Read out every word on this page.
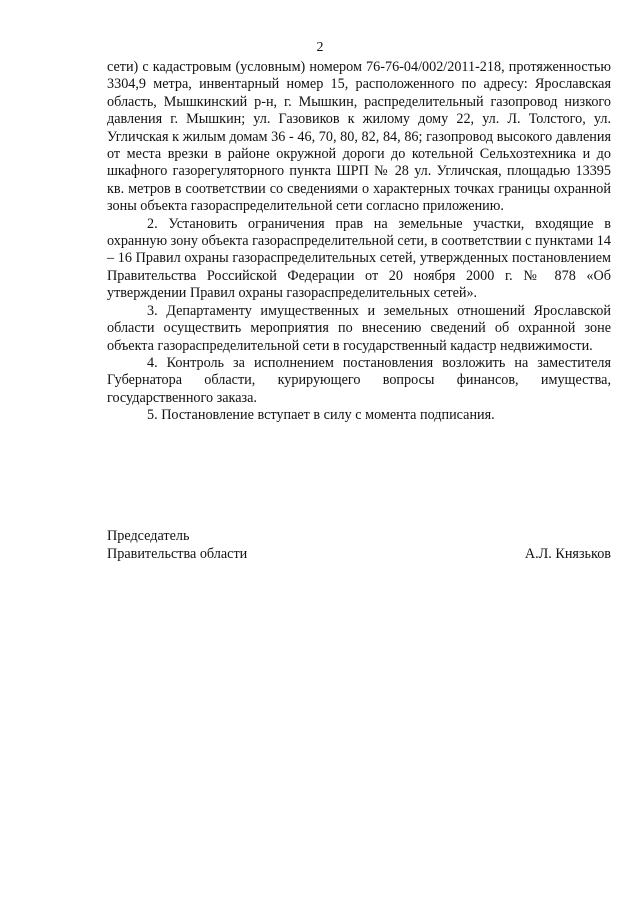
2

сети) с кадастровым (условным) номером 76-76-04/002/2011-218, протяженностью 3304,9 метра, инвентарный номер 15, расположенного по адресу: Ярославская область, Мышкинский р-н, г. Мышкин, распределительный газопровод низкого давления г. Мышкин; ул. Газовиков к жилому дому 22, ул. Л. Толстого, ул. Угличская к жилым домам 36 - 46, 70, 80, 82, 84, 86; газопровод высокого давления от места врезки в районе окружной дороги до котельной Сельхозтехника и до шкафного газорегуляторного пункта ШРП № 28 ул. Угличская, площадью 13395 кв. метров в соответствии со сведениями о характерных точках границы охранной зоны объекта газораспределительной сети согласно приложению.

2. Установить ограничения прав на земельные участки, входящие в охранную зону объекта газораспределительной сети, в соответствии с пунктами 14 – 16 Правил охраны газораспределительных сетей, утвержденных постановлением Правительства Российской Федерации от 20 ноября 2000 г. № 878 «Об утверждении Правил охраны газораспределительных сетей».

3. Департаменту имущественных и земельных отношений Ярославской области осуществить мероприятия по внесению сведений об охранной зоне объекта газораспределительной сети в государственный кадастр недвижимости.

4. Контроль за исполнением постановления возложить на заместителя Губернатора области, курирующего вопросы финансов, имущества, государственного заказа.

5. Постановление вступает в силу с момента подписания.

Председатель
Правительства области	А.Л. Князьков
